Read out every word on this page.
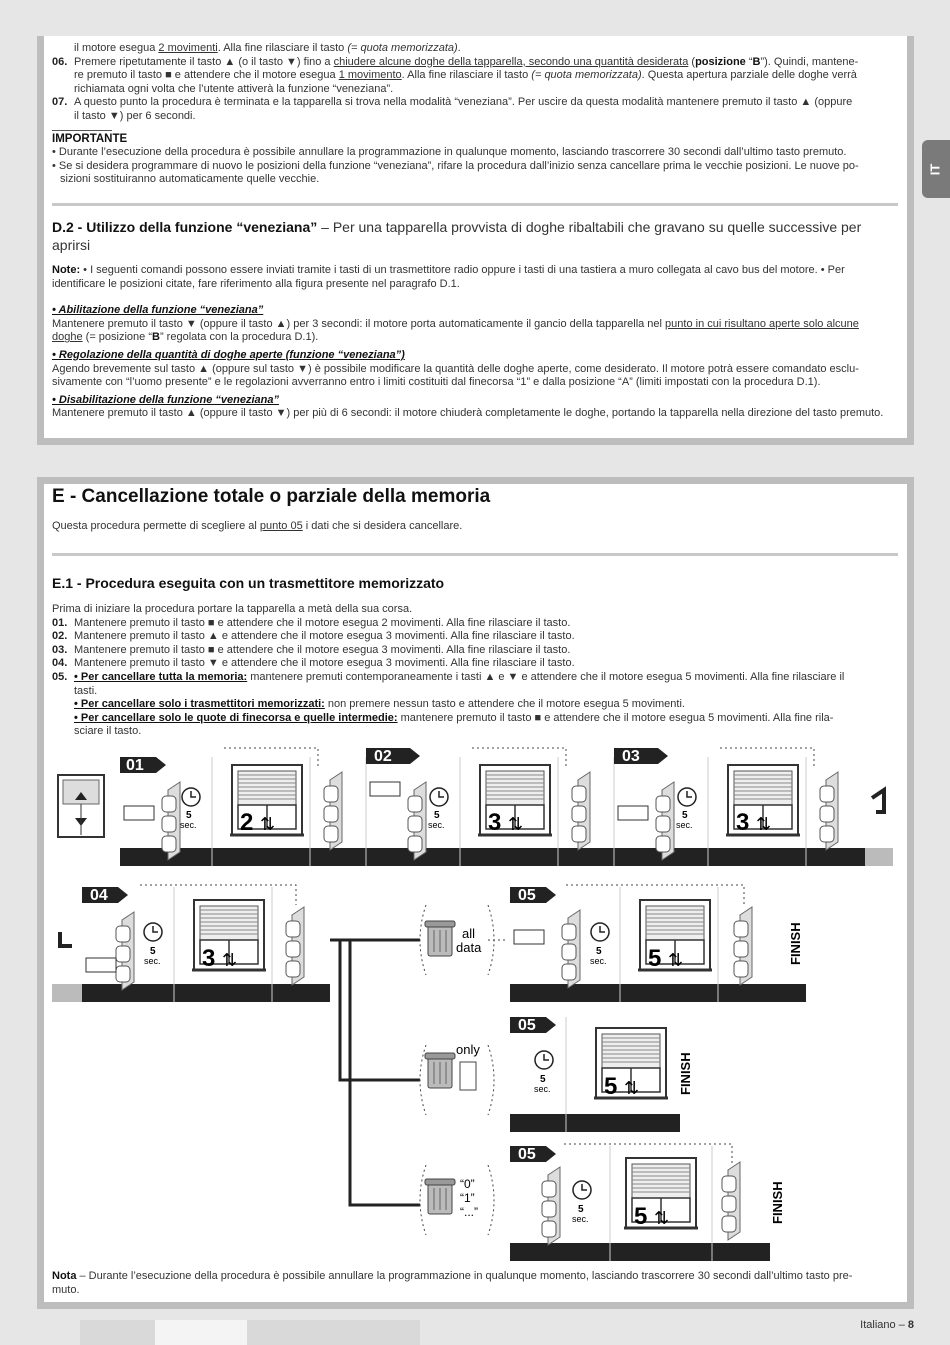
IT

il motore esegua 2 movimenti. Alla fine rilasciare il tasto (= quota memorizzata).

06. Premere ripetutamente il tasto ▲ (o il tasto ▼) fino a chiudere alcune doghe della tapparella, secondo una quantità desiderata (posizione “B”). Quindi, mantene-

re premuto il tasto ■ e attendere che il motore esegua 1 movimento. Alla fine rilasciare il tasto (= quota memorizzata). Questa apertura parziale delle doghe verrà

richiamata ogni volta che l’utente attiverà la funzione “veneziana”.

07. A questo punto la procedura è terminata e la tapparella si trova nella modalità “veneziana”. Per uscire da questa modalità mantenere premuto il tasto ▲ (oppure

il tasto ▼) per 6 secondi.

IMPORTANTE

• Durante l’esecuzione della procedura è possibile annullare la programmazione in qualunque momento, lasciando trascorrere 30 secondi dall’ultimo tasto premuto.

• Se si desidera programmare di nuovo le posizioni della funzione “veneziana”, rifare la procedura dall’inizio senza cancellare prima le vecchie posizioni. Le nuove po-

sizioni sostituiranno automaticamente quelle vecchie.

D.2 - Utilizzo della funzione “veneziana” – Per una tapparella provvista di doghe ribaltabili che gravano su quelle successive per aprirsi

Note: • I seguenti comandi possono essere inviati tramite i tasti di un trasmettitore radio oppure i tasti di una tastiera a muro collegata al cavo bus del motore. • Per

identificare le posizioni citate, fare riferimento alla figura presente nel paragrafo D.1.

• Abilitazione della funzione “veneziana”

Mantenere premuto il tasto ▼ (oppure il tasto ▲) per 3 secondi: il motore porta automaticamente il gancio della tapparella nel punto in cui risultano aperte solo alcune

doghe (= posizione “B” regolata con la procedura D.1).

• Regolazione della quantità di doghe aperte (funzione “veneziana”)

Agendo brevemente sul tasto ▲ (oppure sul tasto ▼) è possibile modificare la quantità delle doghe aperte, come desiderato. Il motore potrà essere comandato esclu-

sivamente con “l’uomo presente” e le regolazioni avverranno entro i limiti costituiti dal finecorsa “1” e dalla posizione “A” (limiti impostati con la procedura D.1).

• Disabilitazione della funzione “veneziana”

Mantenere premuto il tasto ▲ (oppure il tasto ▼) per più di 6 secondi: il motore chiuderà completamente le doghe, portando la tapparella nella direzione del tasto premuto.

E - Cancellazione totale o parziale della memoria
Questa procedura permette di scegliere al punto 05 i dati che si desidera cancellare.

E.1 - Procedura eseguita con un trasmettitore memorizzato

Prima di iniziare la procedura portare la tapparella a metà della sua corsa.

01. Mantenere premuto il tasto ■ e attendere che il motore esegua 2 movimenti. Alla fine rilasciare il tasto.
02. Mantenere premuto il tasto ▲ e attendere che il motore esegua 3 movimenti. Alla fine rilasciare il tasto.
03. Mantenere premuto il tasto ■ e attendere che il motore esegua 3 movimenti. Alla fine rilasciare il tasto.
04. Mantenere premuto il tasto ▼ e attendere che il motore esegua 3 movimenti. Alla fine rilasciare il tasto.
05. • Per cancellare tutta la memoria: mantenere premuti contemporaneamente i tasti ▲ e ▼ e attendere che il motore esegua 5 movimenti. Alla fine rilasciare il

tasti.

• Per cancellare solo i trasmettitori memorizzati: non premere nessun tasto e attendere che il motore esegua 5 movimenti.

• Per cancellare solo le quote di finecorsa e quelle intermedie: mantenere premuto il tasto ■ e attendere che il motore esegua 5 movimenti. Alla fine rila-

sciare il tasto.

01
02	03
5
sec. 2 ⇅	5
sec. 3 ⇅	5
sec. 3 ⇅
04
5
sec. 3 ⇅
all
data
only
“0”
“1”
“...”
05
5
sec. 5 ⇅	FINISH
05
5
sec. 5 ⇅	FINISH
05
5
sec. 5 ⇅	FINISH

Nota – Durante l’esecuzione della procedura è possibile annullare la programmazione in qualunque momento, lasciando trascorrere 30 secondi dall’ultimo tasto pre-

muto.

Italiano – 8
